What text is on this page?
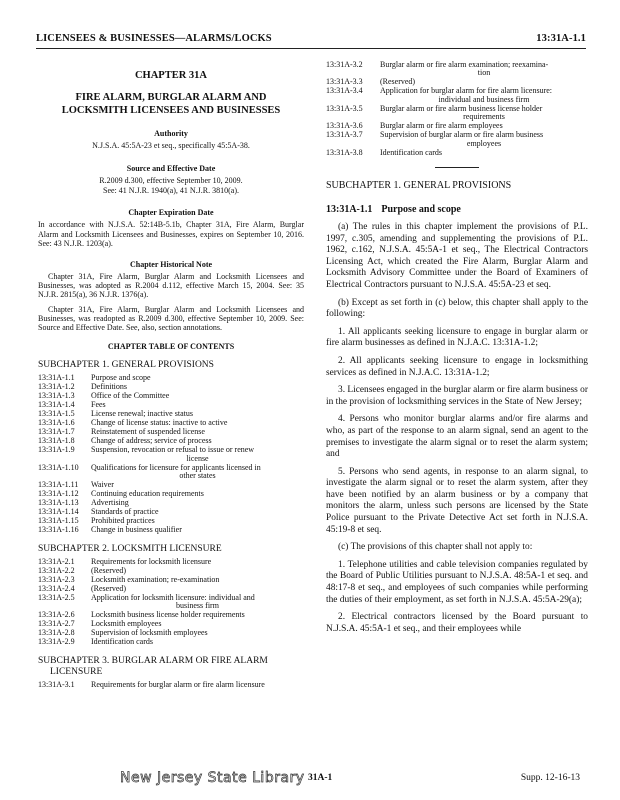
LICENSEES & BUSINESSES—ALARMS/LOCKS	13:31A-1.1
CHAPTER 31A
FIRE ALARM, BURGLAR ALARM AND LOCKSMITH LICENSEES AND BUSINESSES
Authority
N.J.S.A. 45:5A-23 et seq., specifically 45:5A-38.
Source and Effective Date
R.2009 d.300, effective September 10, 2009.
See: 41 N.J.R. 1940(a), 41 N.J.R. 3810(a).
Chapter Expiration Date
In accordance with N.J.S.A. 52:14B-5.1b, Chapter 31A, Fire Alarm, Burglar Alarm and Locksmith Licensees and Businesses, expires on September 10, 2016. See: 43 N.J.R. 1203(a).
Chapter Historical Note
Chapter 31A, Fire Alarm, Burglar Alarm and Locksmith Licensees and Businesses, was adopted as R.2004 d.112, effective March 15, 2004. See: 35 N.J.R. 2815(a), 36 N.J.R. 1376(a).
Chapter 31A, Fire Alarm, Burglar Alarm and Locksmith Licensees and Businesses, was readopted as R.2009 d.300, effective September 10, 2009. See: Source and Effective Date. See, also, section annotations.
CHAPTER TABLE OF CONTENTS
SUBCHAPTER 1. GENERAL PROVISIONS
13:31A-1.1	Purpose and scope
13:31A-1.2	Definitions
13:31A-1.3	Office of the Committee
13:31A-1.4	Fees
13:31A-1.5	License renewal; inactive status
13:31A-1.6	Change of license status: inactive to active
13:31A-1.7	Reinstatement of suspended license
13:31A-1.8	Change of address; service of process
13:31A-1.9	Suspension, revocation or refusal to issue or renew
license
13:31A-1.10	Qualifications for licensure for applicants licensed in
other states
13:31A-1.11	Waiver
13:31A-1.12	Continuing education requirements
13:31A-1.13	Advertising
13:31A-1.14	Standards of practice
13:31A-1.15	Prohibited practices
13:31A-1.16	Change in business qualifier
SUBCHAPTER 2. LOCKSMITH LICENSURE
13:31A-2.1	Requirements for locksmith licensure
13:31A-2.2	(Reserved)
13:31A-2.3	Locksmith examination; re-examination
13:31A-2.4	(Reserved)
13:31A-2.5	Application for locksmith licensure: individual and
business firm
13:31A-2.6	Locksmith business license holder requirements
13:31A-2.7	Locksmith employees
13:31A-2.8	Supervision of locksmith employees
13:31A-2.9	Identification cards
SUBCHAPTER 3. BURGLAR ALARM OR FIRE ALARM
LICENSURE
13:31A-3.1	Requirements for burglar alarm or fire alarm licensure
13:31A-3.2	Burglar alarm or fire alarm examination; reexamina-
tion
13:31A-3.3	(Reserved)
13:31A-3.4	Application for burglar alarm for fire alarm licensure:
individual and business firm
13:31A-3.5	Burglar alarm or fire alarm business license holder
requirements
13:31A-3.6	Burglar alarm or fire alarm employees
13:31A-3.7	Supervision of burglar alarm or fire alarm business
employees
13:31A-3.8	Identification cards
SUBCHAPTER 1. GENERAL PROVISIONS
13:31A-1.1 Purpose and scope
(a) The rules in this chapter implement the provisions of P.L. 1997, c.305, amending and supplementing the provisions of P.L. 1962, c.162, N.J.S.A. 45:5A-1 et seq., The Electrical Contractors Licensing Act, which created the Fire Alarm, Burglar Alarm and Locksmith Advisory Committee under the Board of Examiners of Electrical Contractors pursuant to N.J.S.A. 45:5A-23 et seq.
(b) Except as set forth in (c) below, this chapter shall apply to the following:
1. All applicants seeking licensure to engage in burglar alarm or fire alarm businesses as defined in N.J.A.C. 13:31A-1.2;
2. All applicants seeking licensure to engage in locksmithing services as defined in N.J.A.C. 13:31A-1.2;
3. Licensees engaged in the burglar alarm or fire alarm business or in the provision of locksmithing services in the State of New Jersey;
4. Persons who monitor burglar alarms and/or fire alarms and who, as part of the response to an alarm signal, send an agent to the premises to investigate the alarm signal or to reset the alarm system; and
5. Persons who send agents, in response to an alarm signal, to investigate the alarm signal or to reset the alarm system, after they have been notified by an alarm business or by a company that monitors the alarm, unless such persons are licensed by the State Police pursuant to the Private Detective Act set forth in N.J.S.A. 45:19-8 et seq.
(c) The provisions of this chapter shall not apply to:
1. Telephone utilities and cable television companies regulated by the Board of Public Utilities pursuant to N.J.S.A. 48:5A-1 et seq. and 48:17-8 et seq., and employees of such companies while performing the duties of their employment, as set forth in N.J.S.A. 45:5A-29(a);
2. Electrical contractors licensed by the Board pursuant to N.J.S.A. 45:5A-1 et seq., and their employees while
New Jersey State Library 31A-1	Supp. 12-16-13
